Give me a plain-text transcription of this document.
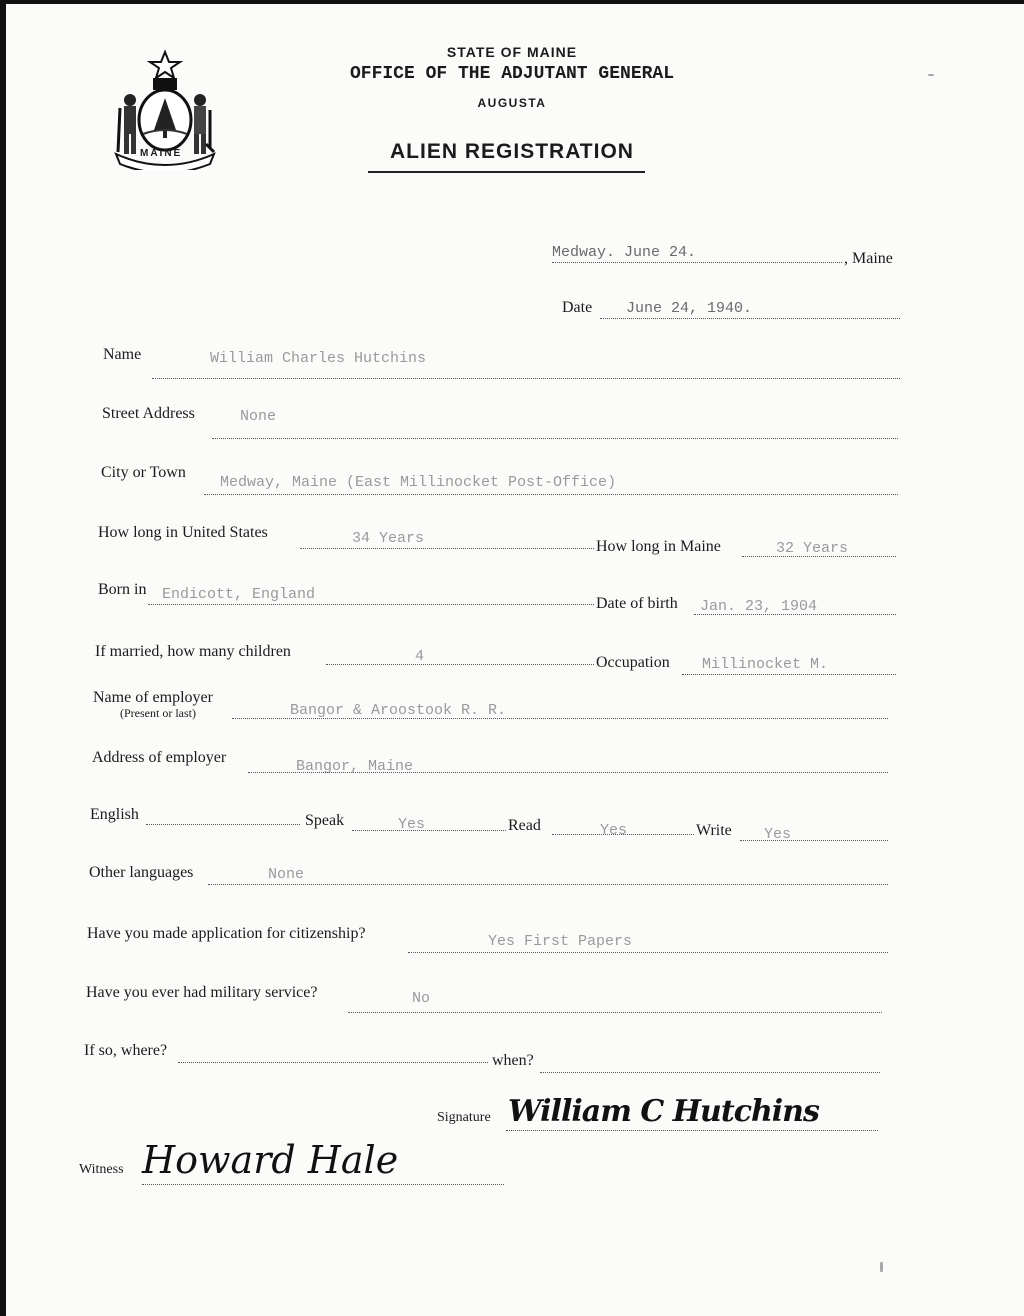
MAINE
STATE OF MAINE
OFFICE OF THE ADJUTANT GENERAL
AUGUSTA
ALIEN REGISTRATION
Medway. June 24.	, Maine
Date June 24, 1940.
Name	William Charles Hutchins
Street Address	None
City or Town
Medway, Maine (East Millinocket Post-Office)
How long in United States	34 Years	How long in Maine	32 Years
Born in Endicott, England
Date of birth Jan. 23, 1904
If married, how many children	4	Occupation Millinocket M.
Name of employer
(Present or last)	Bangor & Aroostook R. R.
Address of employer
Bangor, Maine
English	Speak	Yes	Read	Yes	Write Yes
Other languages	None
Have you made application for citizenship?	Yes First Papers
Have you ever had military service?	No
If so, where?
when?
Signature William C Hutchins
Witness Howard Hale
